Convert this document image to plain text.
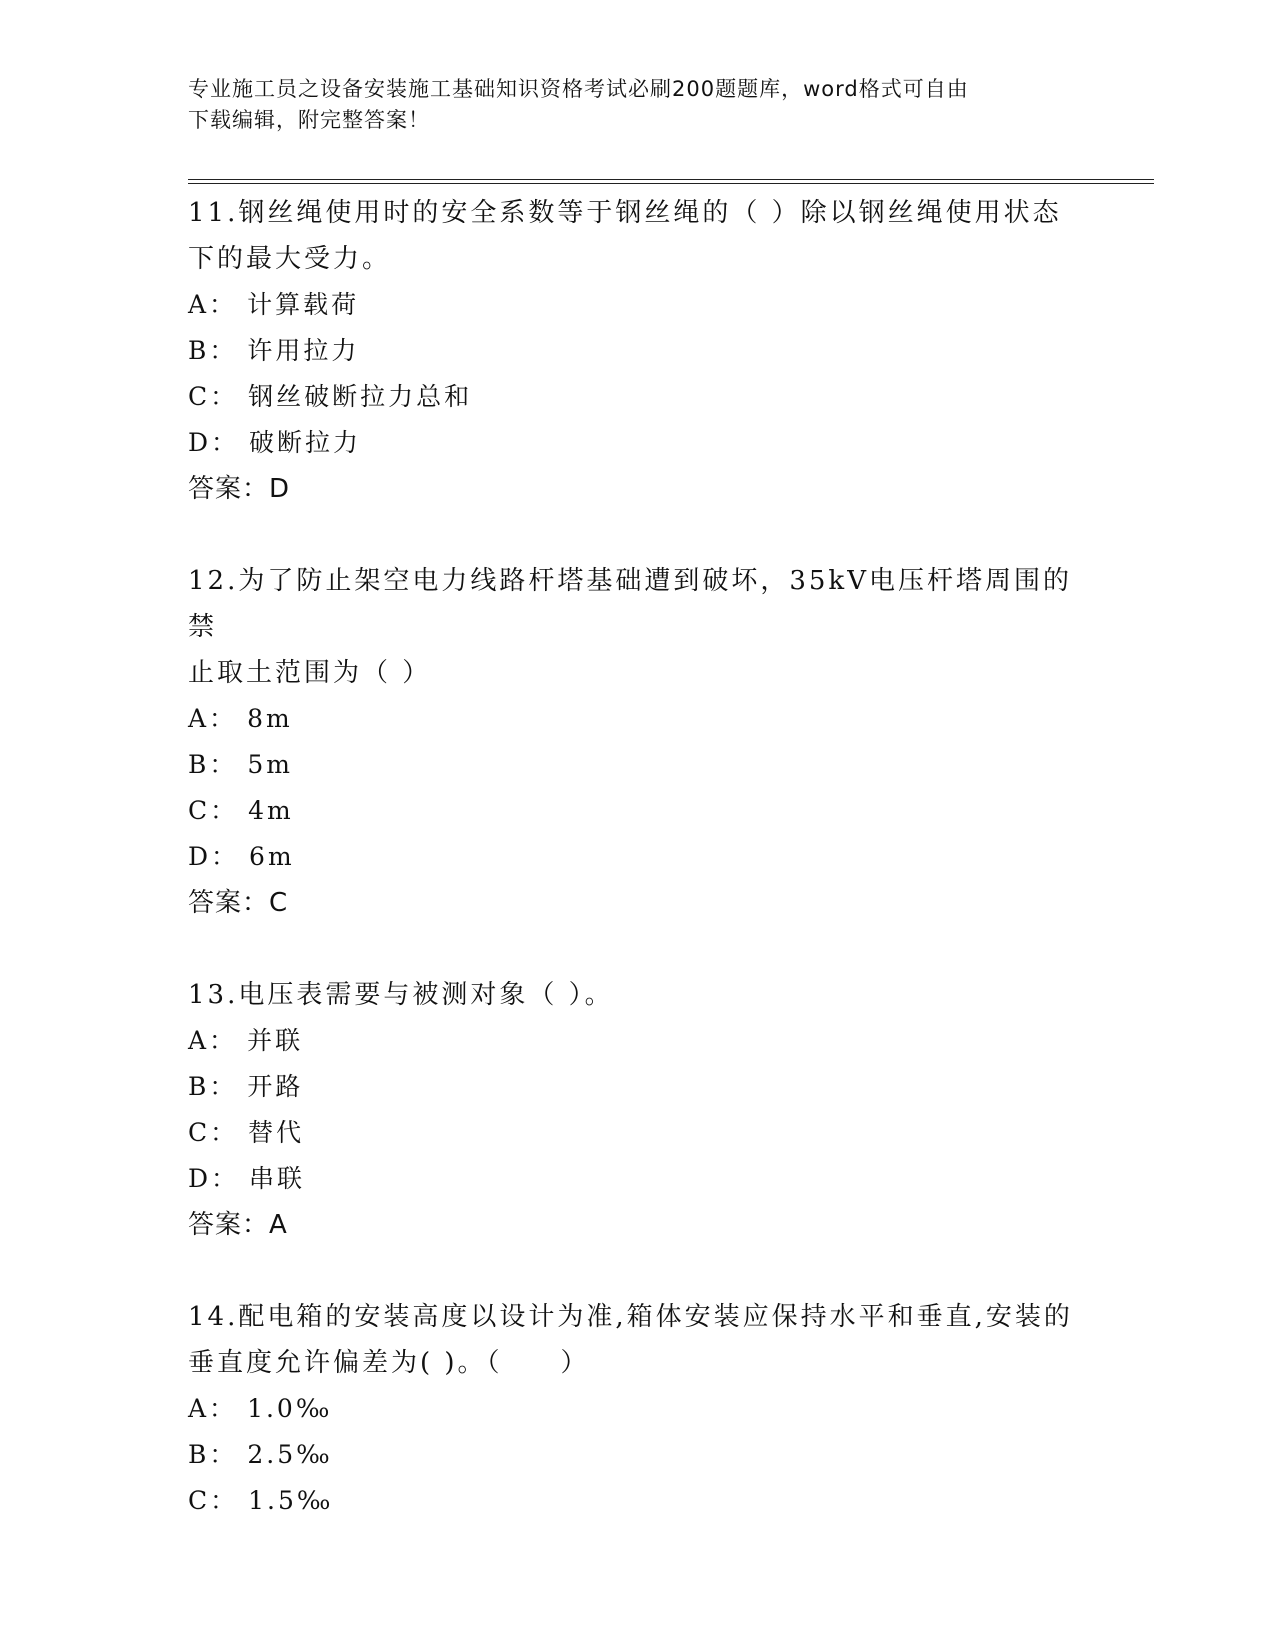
专业施工员之设备安装施工基础知识资格考试必刷200题题库，word格式可自由
下载编辑，附完整答案！
11.钢丝绳使用时的安全系数等于钢丝绳的（ ）除以钢丝绳使用状态
下的最大受力。
A： 计算载荷
B： 许用拉力
C： 钢丝破断拉力总和
D： 破断拉力
答案：D
12.为了防止架空电力线路杆塔基础遭到破坏，35kV电压杆塔周围的禁
止取土范围为（ ）
A： 8m
B： 5m
C： 4m
D： 6m
答案：C
13.电压表需要与被测对象（ ）。
A： 并联
B： 开路
C： 替代
D： 串联
答案：A
14.配电箱的安装高度以设计为准,箱体安装应保持水平和垂直,安装的
垂直度允许偏差为( )。（　　）
A： 1.0‰
B： 2.5‰
C： 1.5‰
